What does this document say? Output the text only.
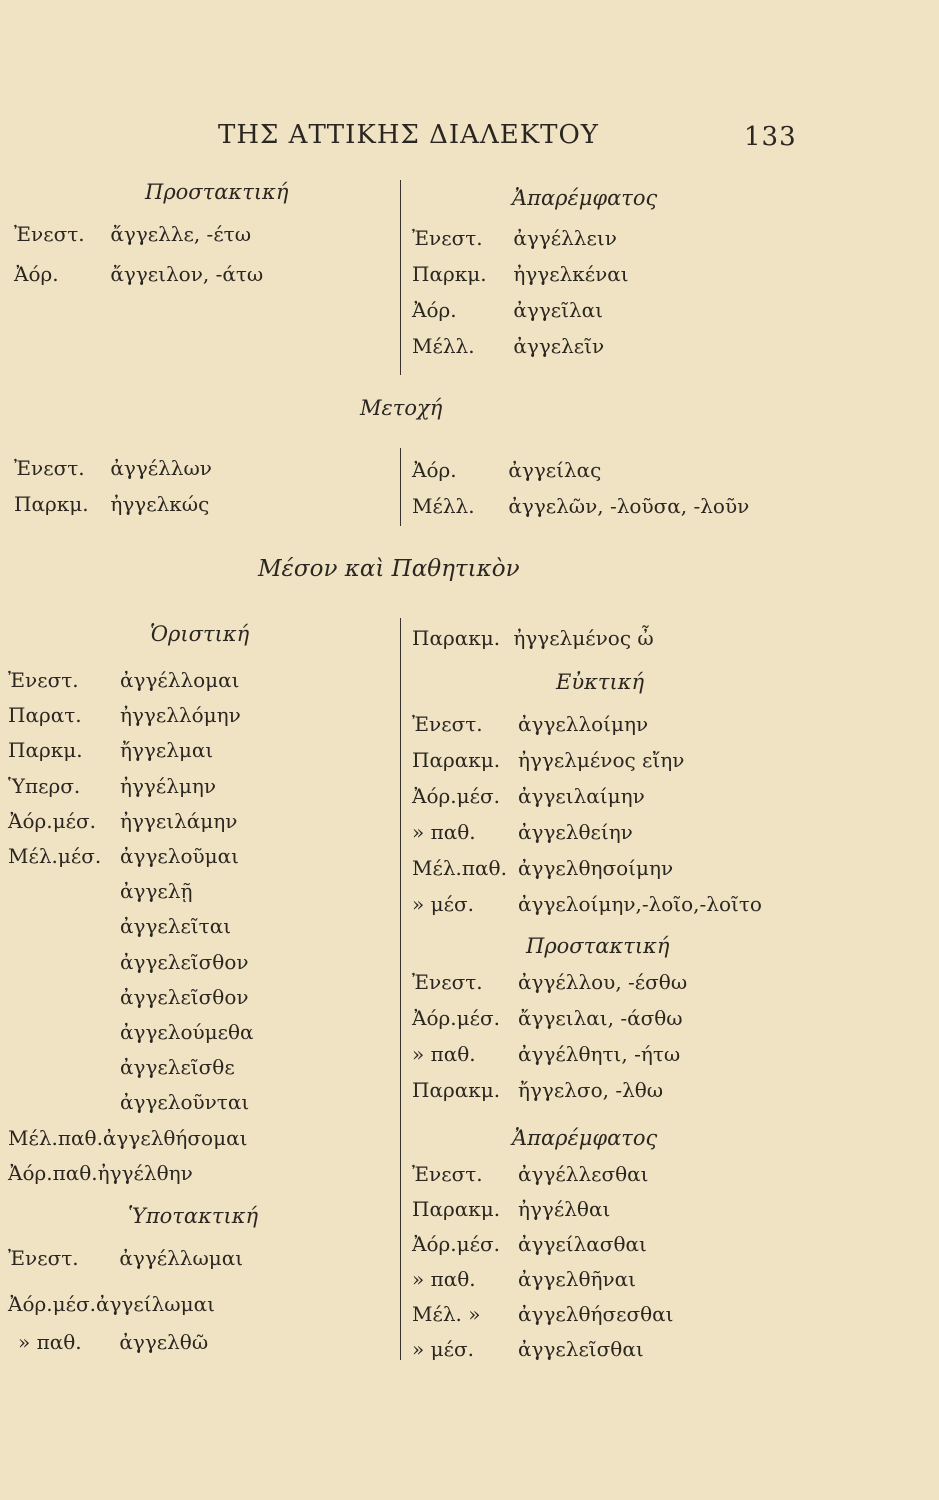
ΤΗΣ ΑΤΤΙΚΗΣ ΔΙΑΛΕΚΤΟΥ	133
Προστακτική
Ἐνεστ. ἄγγελλε, -έτω
Ἀόρ.	ἄγγειλον, -άτω
Ἀπαρέμφατος
Ἐνεστ. ἀγγέλλειν
Παρκμ. ἠγγελκέναι
Ἀόρ.	ἀγγεῖλαι
Μέλλ. ἀγγελεῖν
Μετοχή
Ἐνεστ. ἀγγέλλων
Παρκμ. ἠγγελκώς
Ἀόρ.	ἀγγείλας
Μέλλ. ἀγγελῶν, -λοῦσα, -λοῦν
Μέσον καὶ Παθητικὸν
Ὁριστική
Ἐνεστ. ἀγγέλλομαι
Παρατ. ἠγγελλόμην
Παρκμ. ἤγγελμαι
Ὑπερσ. ἠγγέλμην
Ἀόρ.μέσ. ἠγγειλάμην
Μέλ.μέσ. ἀγγελοῦμαι
ἀγγελῇ
ἀγγελεῖται
ἀγγελεῖσθον
ἀγγελεῖσθον
ἀγγελούμεθα
ἀγγελεῖσθε
ἀγγελοῦνται
Μέλ.παθ.ἀγγελθήσομαι
Ἀόρ.παθ.ἠγγέλθην
Ὑποτακτική
Ἐνεστ. ἀγγέλλωμαι
Ἀόρ.μέσ.ἀγγείλωμαι
» παθ. ἀγγελθῶ
Παρακμ. ἠγγελμένος ὦ
Εὐκτική
Ἐνεστ. ἀγγελλοίμην
Παρακμ. ἠγγελμένος εἴην
Ἀόρ.μέσ. ἀγγειλαίμην
» παθ. ἀγγελθείην
Μέλ.παθ. ἀγγελθησοίμην
» μέσ. ἀγγελοίμην,-λοῖο,-λοῖτο
Προστακτική
Ἐνεστ. ἀγγέλλου, -έσθω
Ἀόρ.μέσ. ἄγγειλαι, -άσθω
» παθ. ἀγγέλθητι, -ήτω
Παρακμ. ἤγγελσο, -λθω
Ἀπαρέμφατος
Ἐνεστ. ἀγγέλλεσθαι
Παρακμ. ἠγγέλθαι
Ἀόρ.μέσ. ἀγγείλασθαι
» παθ. ἀγγελθῆναι
Μέλ. » ἀγγελθήσεσθαι
» μέσ. ἀγγελεῖσθαι
